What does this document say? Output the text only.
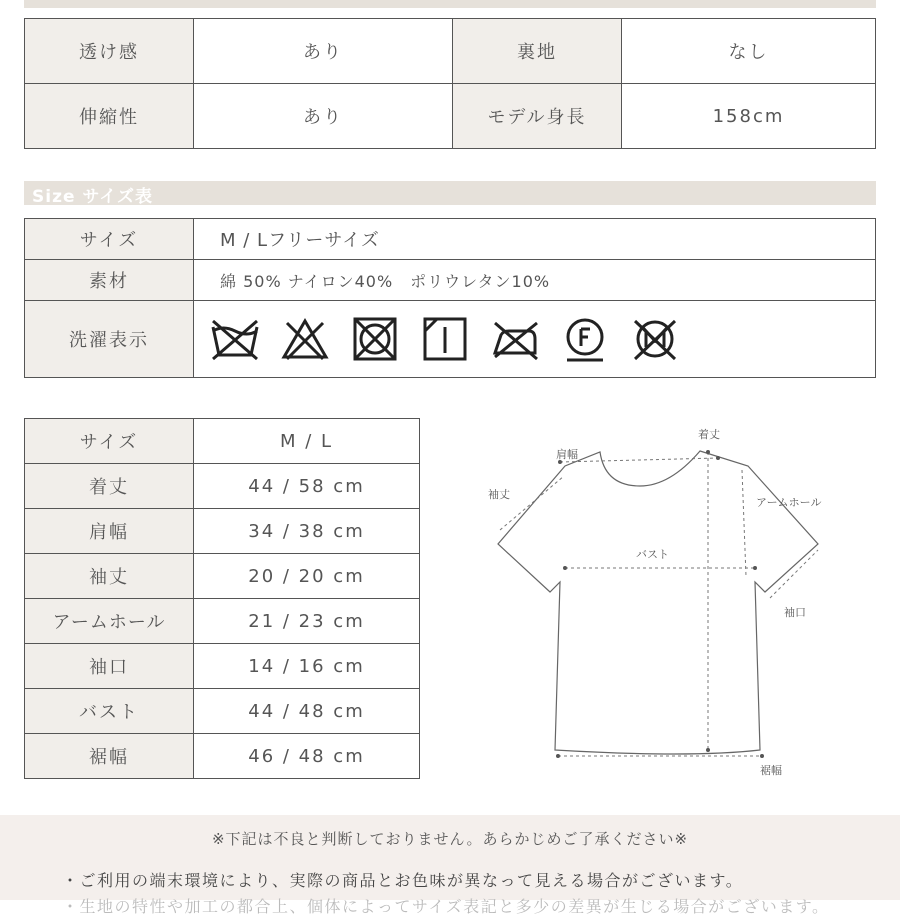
透け感	あり	裏地	なし
伸縮性	あり	モデル身長	158cm
Size サイズ表
サイズ	M / Lフリーサイズ
素材	綿 50% ナイロン40%　ポリウレタン10%
洗濯表示	
サイズ	M / L
着丈	44 / 58 cm
肩幅	34 / 38 cm
袖丈	20 / 20 cm
アームホール	21 / 23 cm
袖口	14 / 16 cm
バスト	44 / 48 cm
裾幅	46 / 48 cm
着丈
肩幅
袖丈
アームホール
バスト
袖口
裾幅
※下記は不良と判断しておりません。あらかじめご了承ください※
・ご利用の端末環境により、実際の商品とお色味が異なって見える場合がございます。
・生地の特性や加工の都合上、個体によってサイズ表記と多少の差異が生じる場合がございます。
